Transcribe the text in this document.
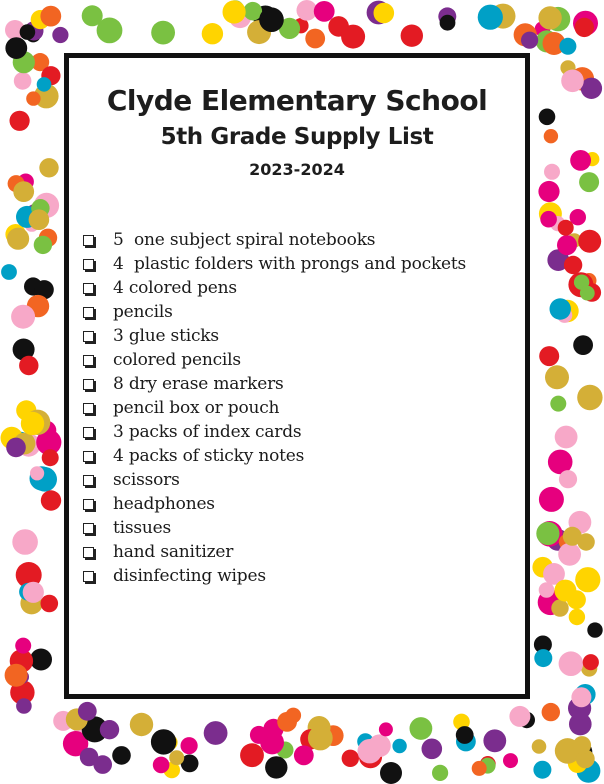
Clyde Elementary School
5th Grade Supply List
2023-2024
5  one subject spiral notebooks
4  plastic folders with prongs and pockets
4 colored pens
pencils
3 glue sticks
colored pencils
8 dry erase markers
pencil box or pouch
3 packs of index cards
4 packs of sticky notes
scissors
headphones
tissues
hand sanitizer
disinfecting wipes
